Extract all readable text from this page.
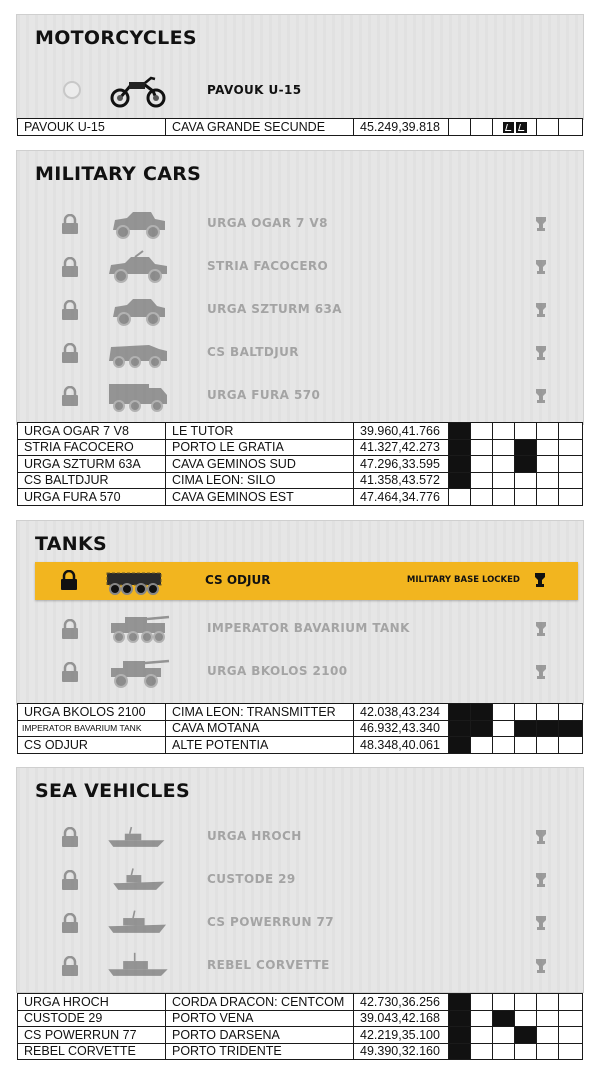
MOTORCYCLES
PAVOUK U-15
PAVOUK U-15	CAVA GRANDE SECUNDE	45.249,39.818					
MILITARY CARS
URGA OGAR 7 V8
STRIA FACOCERO
URGA SZTURM 63A
CS BALTDJUR
URGA FURA 570
URGA OGAR 7 V8	LE TUTOR	39.960,41.766						
STRIA FACOCERO	PORTO LE GRATIA	41.327,42.273						
URGA SZTURM 63A	CAVA GEMINOS SUD	47.296,33.595						
CS BALTDJUR	CIMA LEON: SILO	41.358,43.572						
URGA FURA 570	CAVA GEMINOS EST	47.464,34.776						
TANKS
IMPERATOR BAVARIUM TANK
URGA BKOLOS 2100
CS ODJUR	MILITARY BASE LOCKED
URGA BKOLOS 2100	CIMA LEON: TRANSMITTER	42.038,43.234						
IMPERATOR BAVARIUM TANK	CAVA MOTANA	46.932,43.340						
CS ODJUR	ALTE POTENTIA	48.348,40.061						
SEA VEHICLES
URGA HROCH
CUSTODE 29
CS POWERRUN 77
REBEL CORVETTE
URGA HROCH	CORDA DRACON: CENTCOM	42.730,36.256						
CUSTODE 29	PORTO VENA	39.043,42.168						
CS POWERRUN 77	PORTO DARSENA	42.219,35.100						
REBEL CORVETTE	PORTO TRIDENTE	49.390,32.160						
